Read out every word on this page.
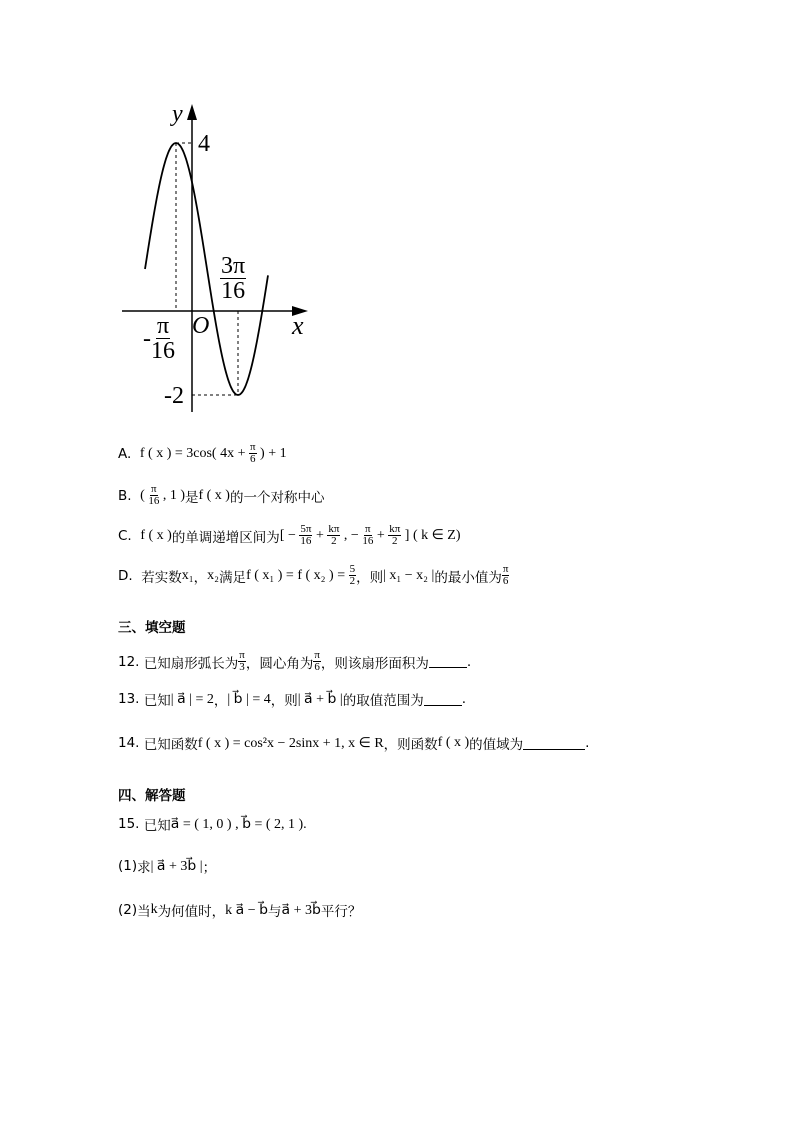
y
4
x
O
-2
- $\frac{\pi}{16}$
$\frac{3\pi}{16}$
A. f ( x ) = 3cos ( $4x + \frac{\pi}{6}$ ) + 1
B. ( $\frac{\pi}{16}$ , 1 ) 是 f ( x ) 的一个对称中心
C. f ( x ) 的单调递增区间为 [ − $\frac{5\pi}{16} + \frac{k\pi}{2}$ , − $\frac{\pi}{16} + \frac{k\pi}{2}$ ] ( k ∈ Z)
D. 若实数 x₁ ， x₂ 满足 f ( x₁ ) = f ( x₂ ) = $\frac{5}{2}$ ，则 | x₁ − x₂ | 的最小值为 $\frac{\pi}{6}$
三、填空题
12. 已知扇形弧长为 $\frac{\pi}{3}$ ，圆心角为 $\frac{\pi}{6}$ ，则该扇形面积为	.
13. 已知 | a⃗ | = 2 ， | b⃗ | = 4 ，则 | a⃗ + b⃗ | 的取值范围为	.
14. 已知函数 f ( x ) = cos²x − 2sinx + 1, x ∈ R ，则函数 f ( x ) 的值域为	.
四、解答题
15. 已知 a⃗ = ( 1, 0 ) , b⃗ = ( 2, 1 ).
(1) 求 | a⃗ + 3b⃗ | ；
(2) 当 k 为何值时， k a⃗ − b⃗ 与 a⃗ + 3b⃗ 平行？
